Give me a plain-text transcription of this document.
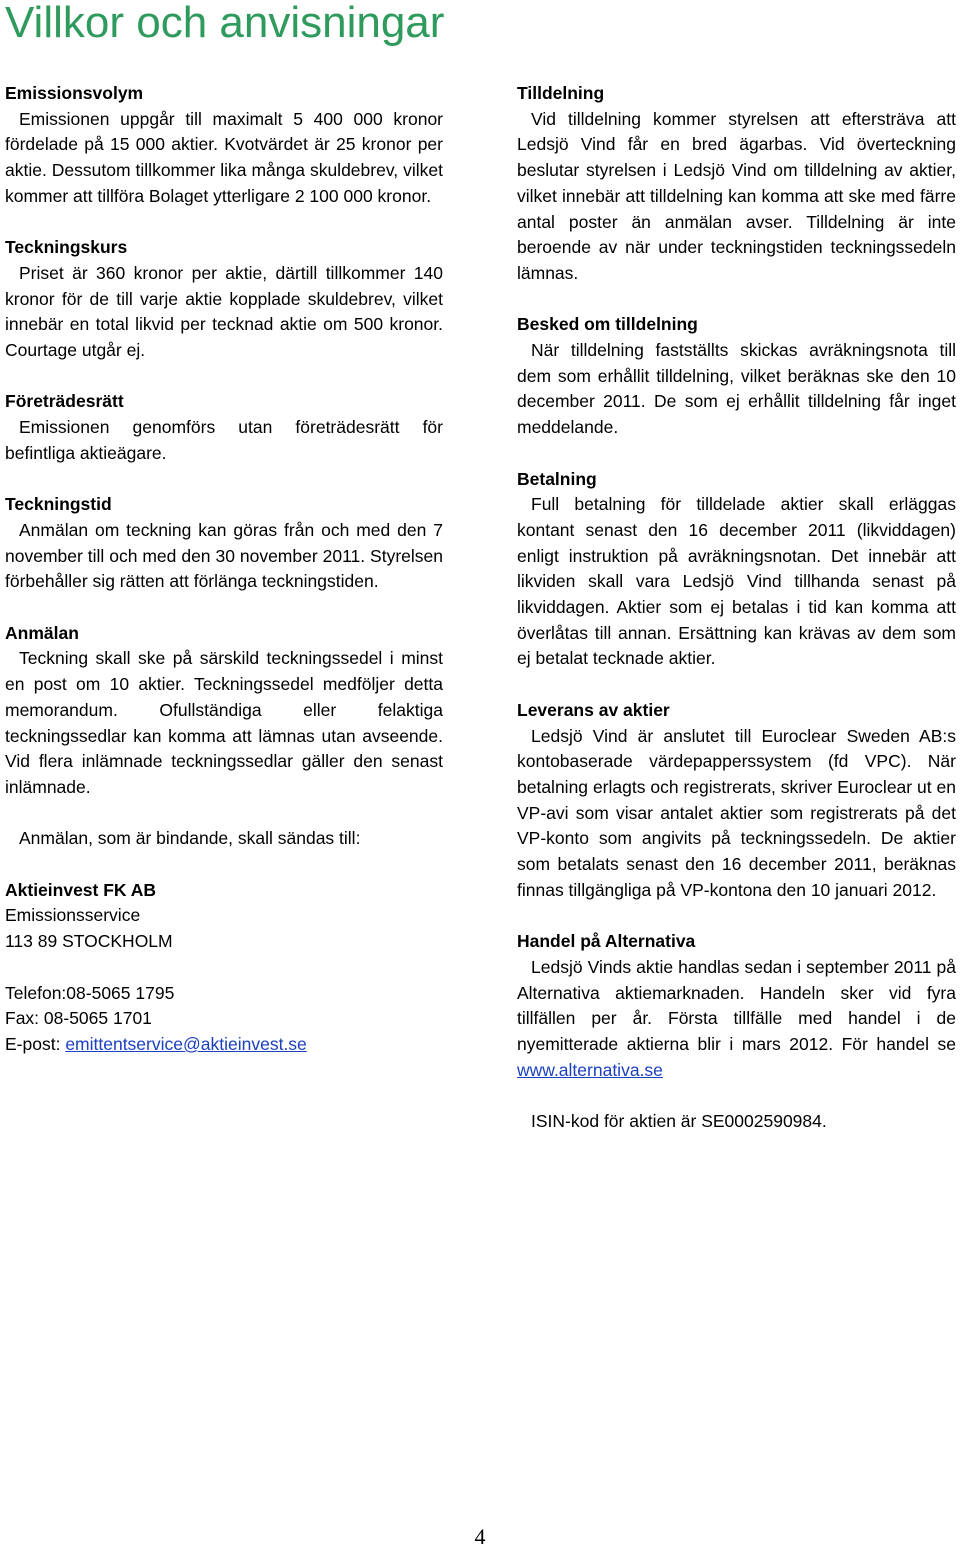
Villkor och anvisningar
Emissionsvolym
Emissionen uppgår till maximalt 5 400 000 kronor fördelade på 15 000 aktier. Kvotvärdet är 25 kronor per aktie. Dessutom tillkommer lika många skuldebrev, vilket kommer att tillföra Bolaget ytterligare 2 100 000 kronor.
Teckningskurs
Priset är 360 kronor per aktie, därtill tillkommer 140 kronor för de till varje aktie kopplade skuldebrev, vilket innebär en total likvid per tecknad aktie om 500 kronor. Courtage utgår ej.
Företrädesrätt
Emissionen genomförs utan företrädesrätt för befintliga aktieägare.
Teckningstid
Anmälan om teckning kan göras från och med den 7 november till och med den 30 november 2011. Styrelsen förbehåller sig rätten att förlänga teckningstiden.
Anmälan
Teckning skall ske på särskild teckningssedel i minst en post om 10 aktier. Teckningssedel medföljer detta memorandum. Ofullständiga eller felaktiga teckningssedlar kan komma att lämnas utan avseende. Vid flera inlämnade teckningssedlar gäller den senast inlämnade.
Anmälan, som är bindande, skall sändas till:
Aktieinvest FK AB
Emissionsservice
113 89 STOCKHOLM
Telefon:08-5065 1795
Fax: 08-5065 1701
E-post: emittentservice@aktieinvest.se
Tilldelning
Vid tilldelning kommer styrelsen att eftersträva att Ledsjö Vind får en bred ägarbas. Vid överteckning beslutar styrelsen i Ledsjö Vind om tilldelning av aktier, vilket innebär att tilldelning kan komma att ske med färre antal poster än anmälan avser. Tilldelning är inte beroende av när under teckningstiden teckningssedeln lämnas.
Besked om tilldelning
När tilldelning fastställts skickas avräkningsnota till dem som erhållit tilldelning, vilket beräknas ske den 10 december 2011. De som ej erhållit tilldelning får inget meddelande.
Betalning
Full betalning för tilldelade aktier skall erläggas kontant senast den 16 december 2011 (likviddagen) enligt instruktion på avräkningsnotan. Det innebär att likviden skall vara Ledsjö Vind tillhanda senast på likviddagen. Aktier som ej betalas i tid kan komma att överlåtas till annan. Ersättning kan krävas av dem som ej betalat tecknade aktier.
Leverans av aktier
Ledsjö Vind är anslutet till Euroclear Sweden AB:s kontobaserade värdepapperssystem (fd VPC). När betalning erlagts och registrerats, skriver Euroclear ut en VP-avi som visar antalet aktier som registrerats på det VP-konto som angivits på teckningssedeln. De aktier som betalats senast den 16 december 2011, beräknas finnas tillgängliga på VP-kontona den 10 januari 2012.
Handel på Alternativa
Ledsjö Vinds aktie handlas sedan i september 2011 på Alternativa aktiemarknaden. Handeln sker vid fyra tillfällen per år. Första tillfälle med handel i de nyemitterade aktierna blir i mars 2012. För handel se www.alternativa.se
ISIN-kod för aktien är SE0002590984.
4
